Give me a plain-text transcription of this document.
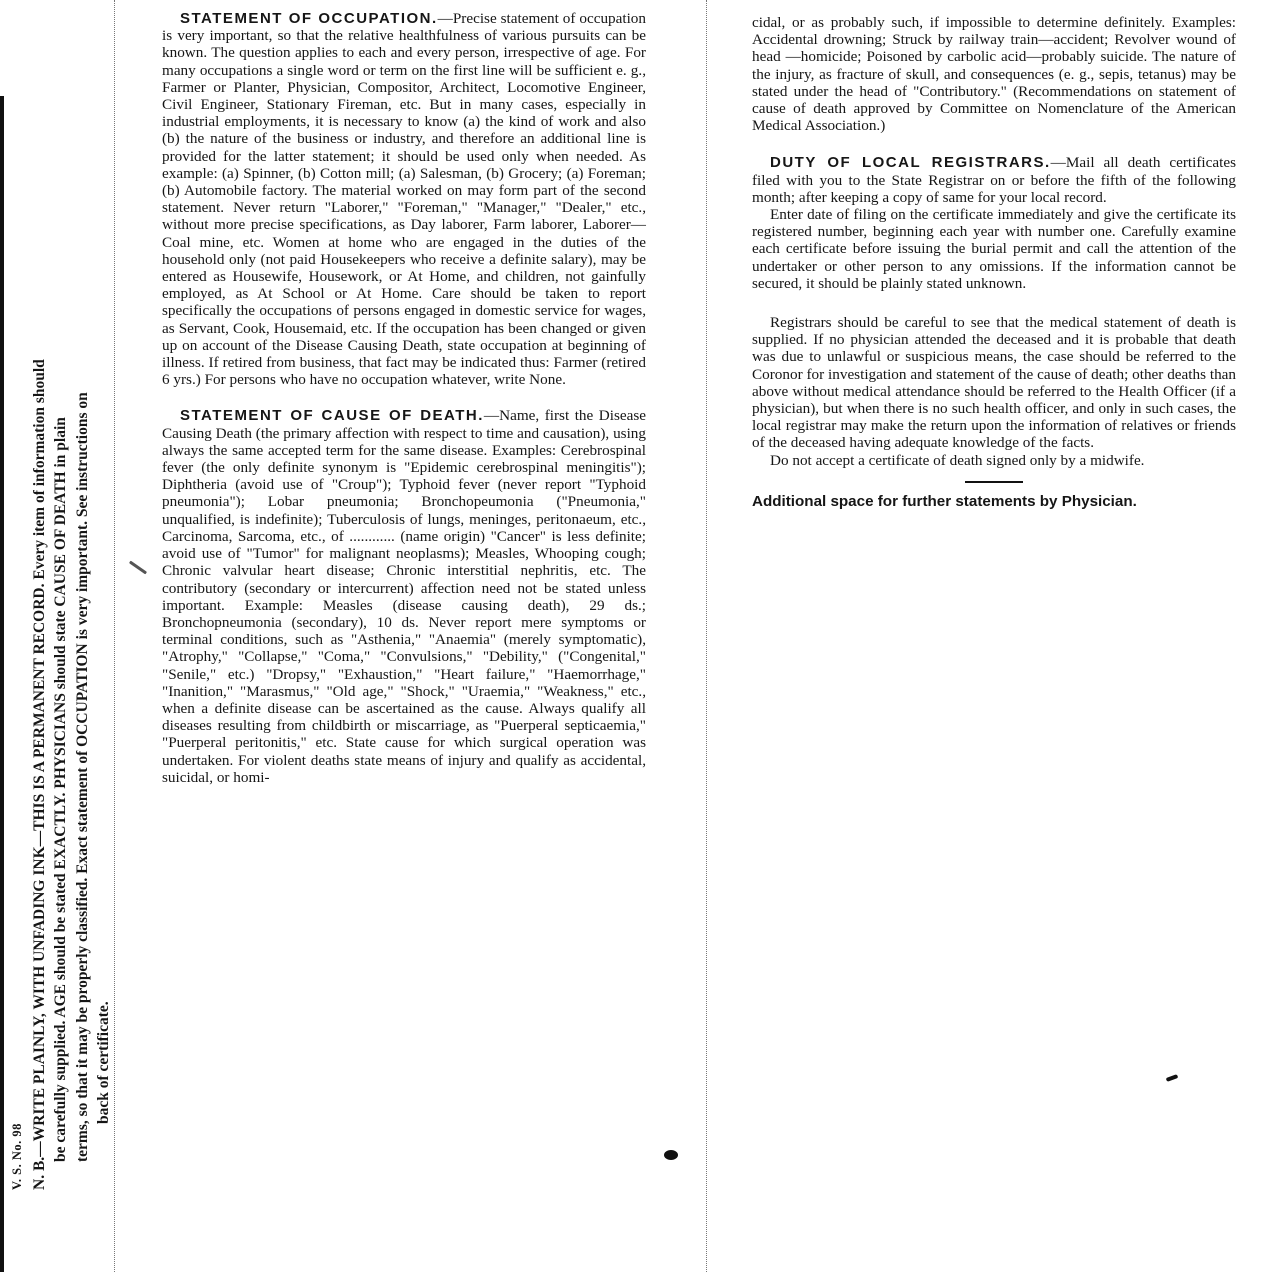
V. S. No. 98 N. B.—WRITE PLAINLY, WITH UNFADING INK—THIS IS A PERMANENT RECORD. Every item of information should be carefully supplied. AGE should be stated EXACTLY. PHYSICIANS should state CAUSE OF DEATH in plain terms, so that it may be properly classified. Exact statement of OCCUPATION is very important. See instructions on back of certificate.

STATEMENT OF OCCUPATION.—Precise statement of occupation is very important, so that the relative healthfulness of various pursuits can be known. The question applies to each and every person, irrespective of age. For many occupations a single word or term on the first line will be sufficient e. g., Farmer or Planter, Physician, Compositor, Architect, Locomotive Engineer, Civil Engineer, Stationary Fireman, etc. But in many cases, especially in industrial employments, it is necessary to know (a) the kind of work and also (b) the nature of the business or industry, and therefore an additional line is provided for the latter statement; it should be used only when needed. As example: (a) Spinner, (b) Cotton mill; (a) Salesman, (b) Grocery; (a) Foreman; (b) Automobile factory. The material worked on may form part of the second statement. Never return "Laborer," "Foreman," "Manager," "Dealer," etc., without more precise specifications, as Day laborer, Farm laborer, Laborer—Coal mine, etc. Women at home who are engaged in the duties of the household only (not paid Housekeepers who receive a definite salary), may be entered as Housewife, Housework, or At Home, and children, not gainfully employed, as At School or At Home. Care should be taken to report specifically the occupations of persons engaged in domestic service for wages, as Servant, Cook, Housemaid, etc. If the occupation has been changed or given up on account of the Disease Causing Death, state occupation at beginning of illness. If retired from business, that fact may be indicated thus: Farmer (retired 6 yrs.) For persons who have no occupation whatever, write None.

STATEMENT OF CAUSE OF DEATH.—Name, first the Disease Causing Death (the primary affection with respect to time and causation), using always the same accepted term for the same disease. Examples: Cerebrospinal fever (the only definite synonym is "Epidemic cerebrospinal meningitis"); Diphtheria (avoid use of "Croup"); Typhoid fever (never report "Typhoid pneumonia"); Lobar pneumonia; Bronchopeumonia ("Pneumonia," unqualified, is indefinite); Tuberculosis of lungs, meninges, peritonaeum, etc., Carcinoma, Sarcoma, etc., of ............ (name origin) "Cancer" is less definite; avoid use of "Tumor" for malignant neoplasms); Measles, Whooping cough; Chronic valvular heart disease; Chronic interstitial nephritis, etc. The contributory (secondary or intercurrent) affection need not be stated unless important. Example: Measles (disease causing death), 29 ds.; Bronchopneumonia (secondary), 10 ds. Never report mere symptoms or terminal conditions, such as "Asthenia," "Anaemia" (merely symptomatic), "Atrophy," "Collapse," "Coma," "Convulsions," "Debility," ("Congenital," "Senile," etc.) "Dropsy," "Exhaustion," "Heart failure," "Haemorrhage," "Inanition," "Marasmus," "Old age," "Shock," "Uraemia," "Weakness," etc., when a definite disease can be ascertained as the cause. Always qualify all diseases resulting from childbirth or miscarriage, as "Puerperal septicaemia," "Puerperal peritonitis," etc. State cause for which surgical operation was undertaken. For violent deaths state means of injury and qualify as accidental, suicidal, or homi-

cidal, or as probably such, if impossible to determine definitely. Examples: Accidental drowning; Struck by railway train—accident; Revolver wound of head —homicide; Poisoned by carbolic acid—probably suicide. The nature of the injury, as fracture of skull, and consequences (e. g., sepis, tetanus) may be stated under the head of "Contributory." (Recommendations on statement of cause of death approved by Committee on Nomenclature of the American Medical Association.)

DUTY OF LOCAL REGISTRARS.—Mail all death certificates filed with you to the State Registrar on or before the fifth of the following month; after keeping a copy of same for your local record.

Enter date of filing on the certificate immediately and give the certificate its registered number, beginning each year with number one. Carefully examine each certificate before issuing the burial permit and call the attention of the undertaker or other person to any omissions. If the information cannot be secured, it should be plainly stated unknown.

Registrars should be careful to see that the medical statement of death is supplied. If no physician attended the deceased and it is probable that death was due to unlawful or suspicious means, the case should be referred to the Coronor for investigation and statement of the cause of death; other deaths than above without medical attendance should be referred to the Health Officer (if a physician), but when there is no such health officer, and only in such cases, the local registrar may make the return upon the information of relatives or friends of the deceased having adequate knowledge of the facts.

Do not accept a certificate of death signed only by a midwife.

Additional space for further statements by Physician.
